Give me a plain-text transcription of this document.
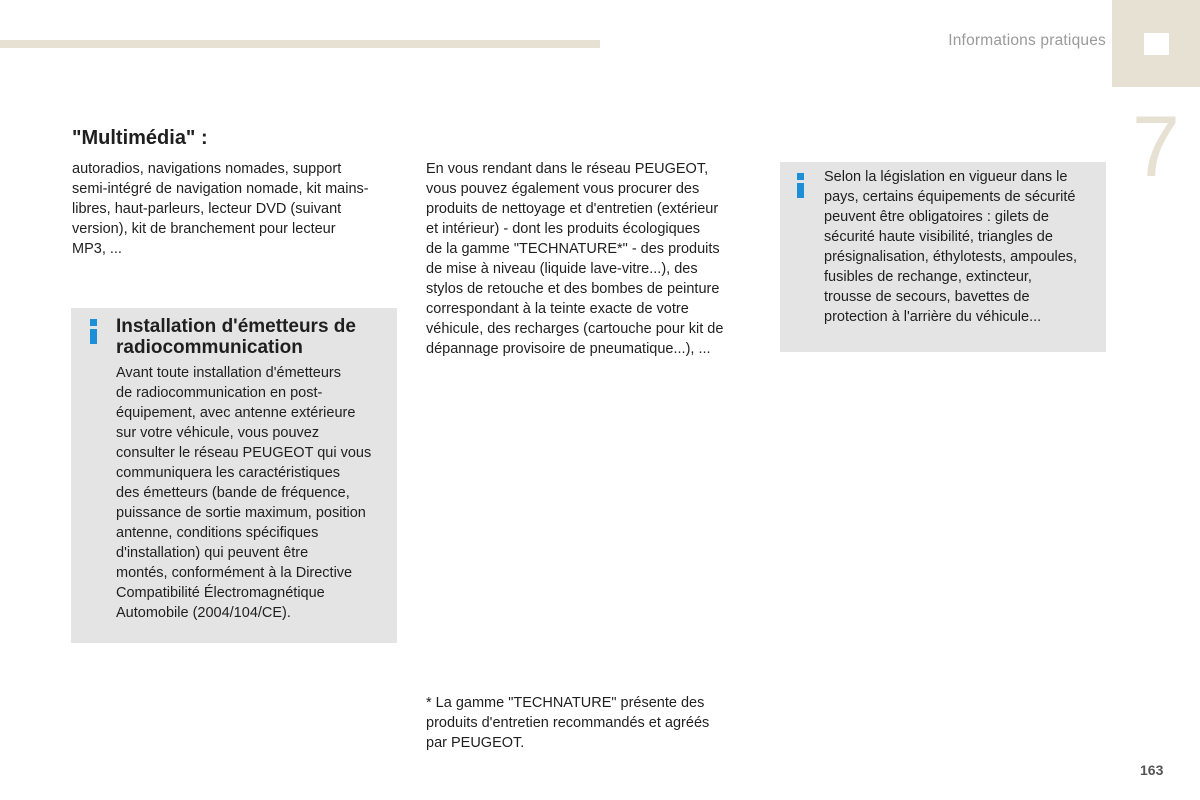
Informations pratiques
7
"Multimédia" :
autoradios, navigations nomades, support
semi-intégré de navigation nomade, kit mains-
libres, haut-parleurs, lecteur DVD (suivant
version), kit de branchement pour lecteur
MP3, ...
Installation d'émetteurs de
radiocommunication
Avant toute installation d'émetteurs
de radiocommunication en post-
équipement, avec antenne extérieure
sur votre véhicule, vous pouvez
consulter le réseau PEUGEOT qui vous
communiquera les caractéristiques
des émetteurs (bande de fréquence,
puissance de sortie maximum, position
antenne, conditions spécifiques
d'installation) qui peuvent être
montés, conformément à la Directive
Compatibilité Électromagnétique
Automobile (2004/104/CE).
En vous rendant dans le réseau PEUGEOT,
vous pouvez également vous procurer des
produits de nettoyage et d'entretien (extérieur
et intérieur) - dont les produits écologiques
de la gamme "TECHNATURE*" - des produits
de mise à niveau (liquide lave-vitre...), des
stylos de retouche et des bombes de peinture
correspondant à la teinte exacte de votre
véhicule, des recharges (cartouche pour kit de
dépannage provisoire de pneumatique...), ...
* La gamme "TECHNATURE" présente des
produits d'entretien recommandés et agréés
par PEUGEOT.
Selon la législation en vigueur dans le
pays, certains équipements de sécurité
peuvent être obligatoires : gilets de
sécurité haute visibilité, triangles de
présignalisation, éthylotests, ampoules,
fusibles de rechange, extincteur,
trousse de secours, bavettes de
protection à l'arrière du véhicule...
163
